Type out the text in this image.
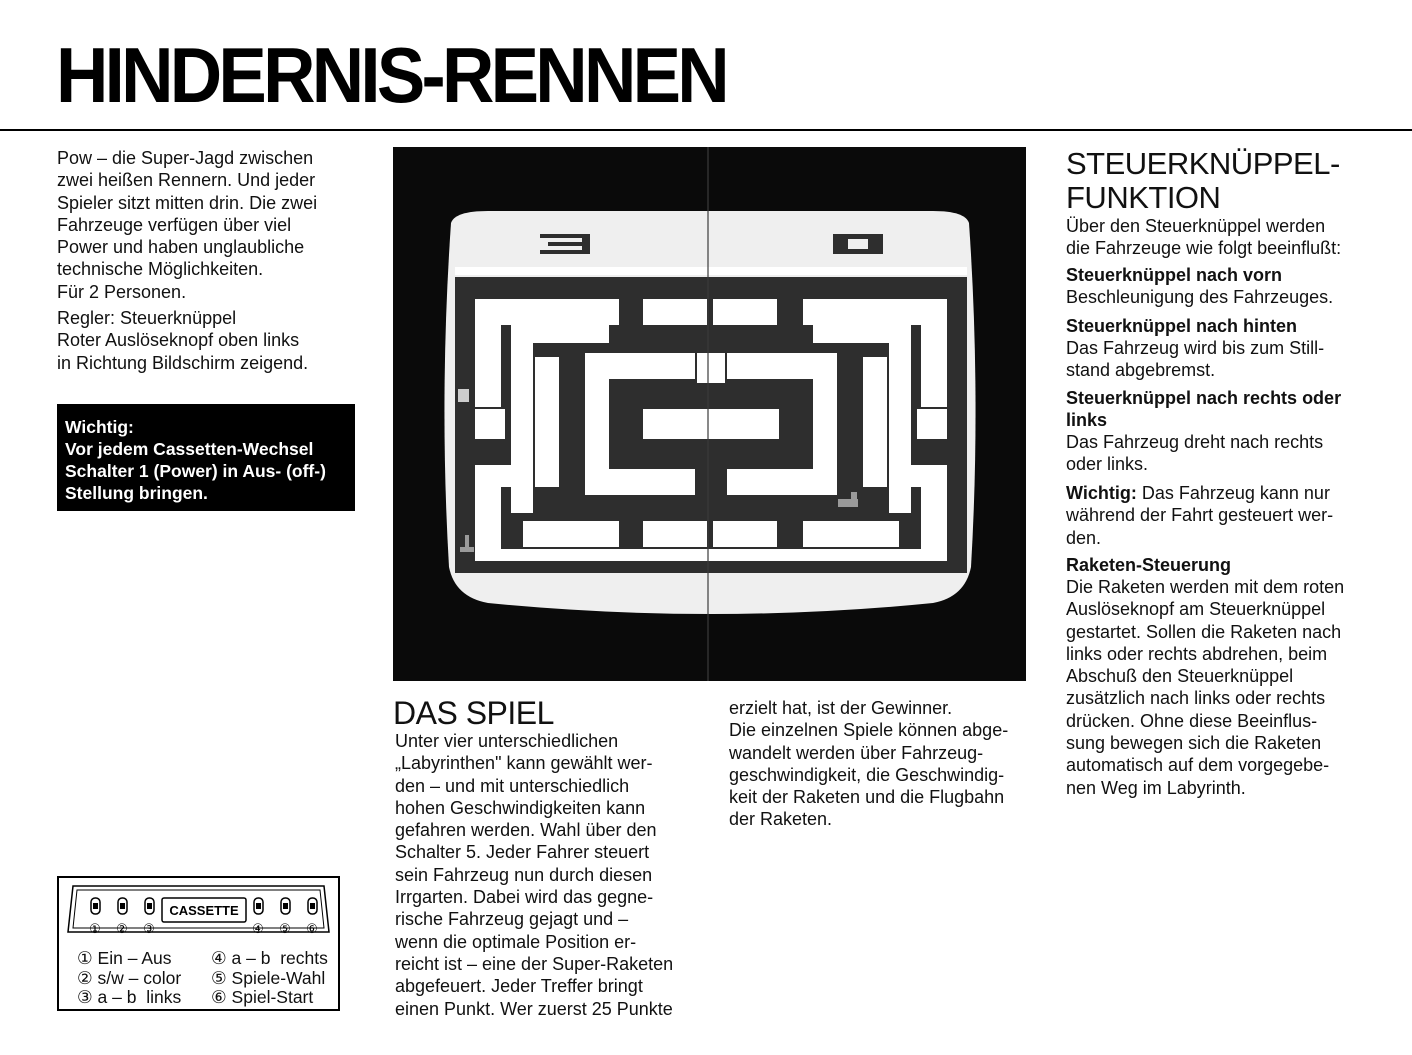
HINDERNIS-RENNEN
Pow – die Super-Jagd zwischen
zwei heißen Rennern. Und jeder
Spieler sitzt mitten drin. Die zwei
Fahrzeuge verfügen über viel
Power und haben unglaubliche
technische Möglichkeiten.
Für 2 Personen.
Regler: Steuerknüppel
Roter Auslöseknopf oben links
in Richtung Bildschirm zeigend.
Wichtig:
Vor jedem Cassetten-Wechsel
Schalter 1 (Power) in Aus- (off-)
Stellung bringen.
DAS SPIEL
Unter vier unterschiedlichen
„Labyrinthen" kann gewählt wer-
den – und mit unterschiedlich
hohen Geschwindigkeiten kann
gefahren werden. Wahl über den
Schalter 5. Jeder Fahrer steuert
sein Fahrzeug nun durch diesen
Irrgarten. Dabei wird das gegne-
rische Fahrzeug gejagt und –
wenn die optimale Position er-
reicht ist – eine der Super-Raketen
abgefeuert. Jeder Treffer bringt
einen Punkt. Wer zuerst 25 Punkte
erzielt hat, ist der Gewinner.
Die einzelnen Spiele können abge-
wandelt werden über Fahrzeug-
geschwindigkeit, die Geschwindig-
keit der Raketen und die Flugbahn
der Raketen.
STEUERKNÜPPEL-
FUNKTION
Über den Steuerknüppel werden
die Fahrzeuge wie folgt beeinflußt:
Steuerknüppel nach vorn
Beschleunigung des Fahrzeuges.
Steuerknüppel nach hinten
Das Fahrzeug wird bis zum Still-
stand abgebremst.
Steuerknüppel nach rechts oder
links
Das Fahrzeug dreht nach rechts
oder links.
Wichtig: Das Fahrzeug kann nur
während der Fahrt gesteuert wer-
den.
Raketen-Steuerung
Die Raketen werden mit dem roten
Auslöseknopf am Steuerknüppel
gestartet. Sollen die Raketen nach
links oder rechts abdrehen, beim
Abschuß den Steuerknüppel
zusätzlich nach links oder rechts
drücken. Ohne diese Beeinflus-
sung bewegen sich die Raketen
automatisch auf dem vorgegebe-
nen Weg im Labyrinth.
CASSETTE
① ② ③	④ ⑤ ⑥
① Ein – Aus
② s/w – color
③ a – b  links
④ a – b  rechts
⑤ Spiele-Wahl
⑥ Spiel-Start
